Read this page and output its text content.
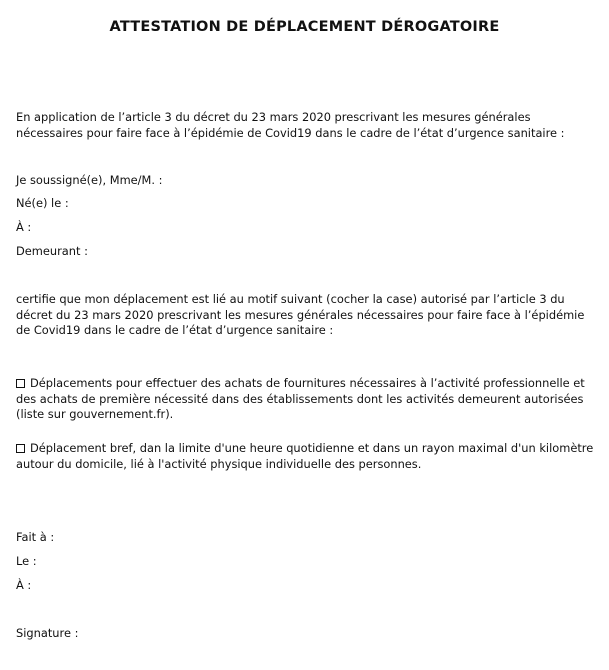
ATTESTATION DE DÉPLACEMENT DÉROGATOIRE

En application de l’article 3 du décret du 23 mars 2020 prescrivant les mesures générales nécessaires pour faire face à l’épidémie de Covid19 dans le cadre de l’état d’urgence sanitaire :

Je soussigné(e), Mme/M. :
Né(e) le :
À :
Demeurant :

certifie que mon déplacement est lié au motif suivant (cocher la case) autorisé par l’article 3 du décret du 23 mars 2020 prescrivant les mesures générales nécessaires pour faire face à l’épidémie de Covid19 dans le cadre de l’état d’urgence sanitaire :

Déplacements pour effectuer des achats de fournitures nécessaires à l’activité professionnelle et des achats de première nécessité dans des établissements dont les activités demeurent autorisées (liste sur gouvernement.fr).

Déplacement bref, dan la limite d'une heure quotidienne et dans un rayon maximal d'un kilomètre autour du domicile, lié à l'activité physique individuelle des personnes.

Fait à :
Le :
À :
Signature :
